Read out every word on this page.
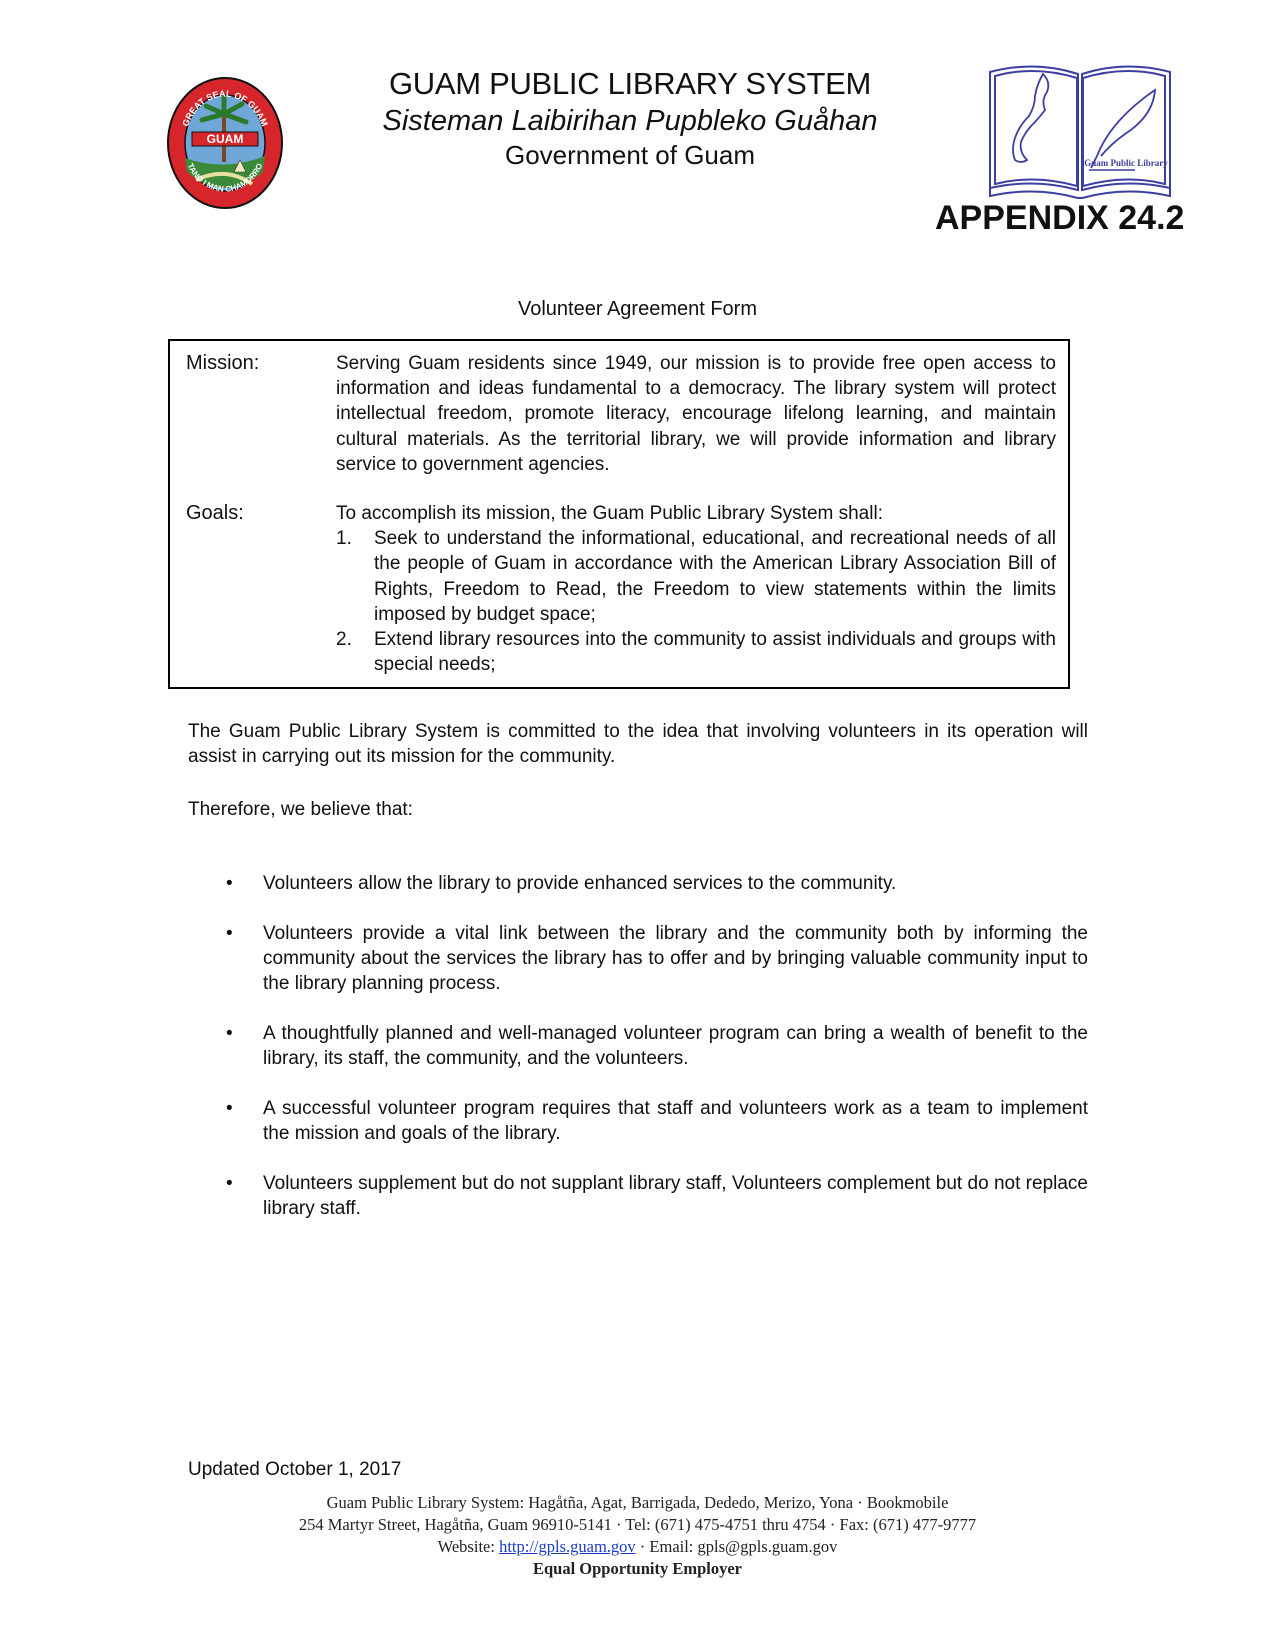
GUAM
GREAT SEAL OF GUAM
TANO I MAN CHAMORRO
GUAM PUBLIC LIBRARY SYSTEM
Sisteman Laibirihan Pupbleko Guåhan
Government of Guam	Guam Public Library
APPENDIX 24.2
Volunteer Agreement Form
Mission:	Serving Guam residents since 1949, our mission is to provide free open access to information and ideas fundamental to a democracy. The library system will protect intellectual freedom, promote literacy, encourage lifelong learning, and maintain cultural materials. As the territorial library, we will provide information and library service to government agencies.
Goals:	To accomplish its mission, the Guam Public Library System shall:
1.	Seek to understand the informational, educational, and recreational needs of all the people of Guam in accordance with the American Library Association Bill of Rights, Freedom to Read, the Freedom to view statements within the limits imposed by budget space;
2.	Extend library resources into the community to assist individuals and groups with special needs;
The Guam Public Library System is committed to the idea that involving volunteers in its operation will assist in carrying out its mission for the community.
Therefore, we believe that:
•	Volunteers allow the library to provide enhanced services to the community.
•	Volunteers provide a vital link between the library and the community both by informing the community about the services the library has to offer and by bringing valuable community input to the library planning process.
•	A thoughtfully planned and well-managed volunteer program can bring a wealth of benefit to the library, its staff, the community, and the volunteers.
•	A successful volunteer program requires that staff and volunteers work as a team to implement the mission and goals of the library.
•	Volunteers supplement but do not supplant library staff, Volunteers complement but do not replace library staff.
Updated October 1, 2017
Guam Public Library System: Hagåtña, Agat, Barrigada, Dededo, Merizo, Yona · Bookmobile
254 Martyr Street, Hagåtña, Guam 96910-5141 · Tel: (671) 475-4751 thru 4754 · Fax: (671) 477-9777
Website: http://gpls.guam.gov · Email: gpls@gpls.guam.gov
Equal Opportunity Employer
